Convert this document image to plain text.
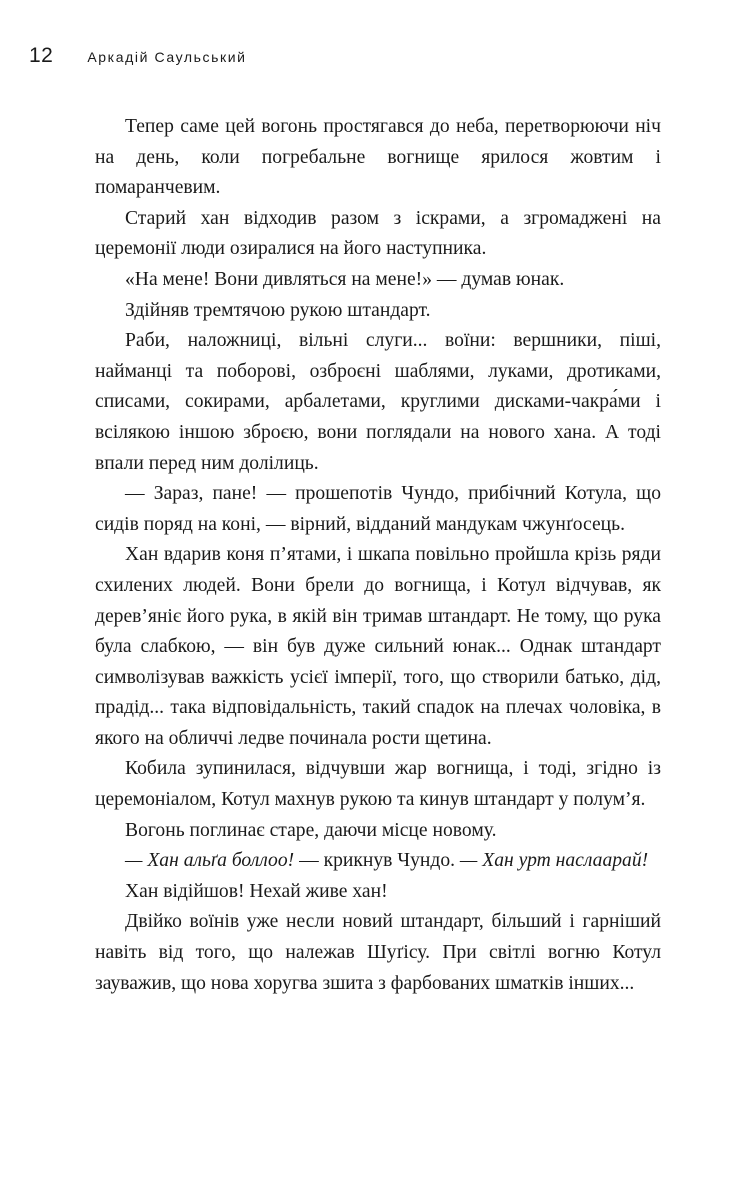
12 Аркадій Саульський

Тепер саме цей вогонь простягався до неба, перетворюючи ніч на день, коли погребальне вогнище ярилося жовтим і помаранчевим.

Старий хан відходив разом з іскрами, а згромаджені на церемонії люди озиралися на його наступника.

«На мене! Вони дивляться на мене!» — думав юнак.

Здійняв тремтячою рукою штандарт.

Раби, наложниці, вільні слуги... воїни: вершники, піші, найманці та поборові, озброєні шаблями, луками, дротиками, списами, сокирами, арбалетами, круглими дисками-чакра́ми і всілякою іншою зброєю, вони поглядали на нового хана. А тоді впали перед ним долілиць.

— Зараз, пане! — прошепотів Чундо, прибічний Котула, що сидів поряд на коні, — вірний, відданий мандукам чжунґосець.

Хан вдарив коня п’ятами, і шкапа повільно пройшла крізь ряди схилених людей. Вони брели до вогнища, і Котул відчував, як дерев’яніє його рука, в якій він тримав штандарт. Не тому, що рука була слабкою, — він був дуже сильний юнак... Однак штандарт символізував важкість усієї імперії, того, що створили батько, дід, прадід... така відповідальність, такий спадок на плечах чоловіка, в якого на обличчі ледве починала рости щетина.

Кобила зупинилася, відчувши жар вогнища, і тоді, згідно із церемоніалом, Котул махнув рукою та кинув штандарт у полум’я.

Вогонь поглинає старе, даючи місце новому.

— Хан альґа боллоо! — крикнув Чундо. — Хан урт наслаарай!

Хан відійшов! Нехай живе хан!

Двійко воїнів уже несли новий штандарт, більший і гарніший навіть від того, що належав Шуґісу. При світлі вогню Котул зауважив, що нова хоругва зшита з фарбованих шматків інших...
